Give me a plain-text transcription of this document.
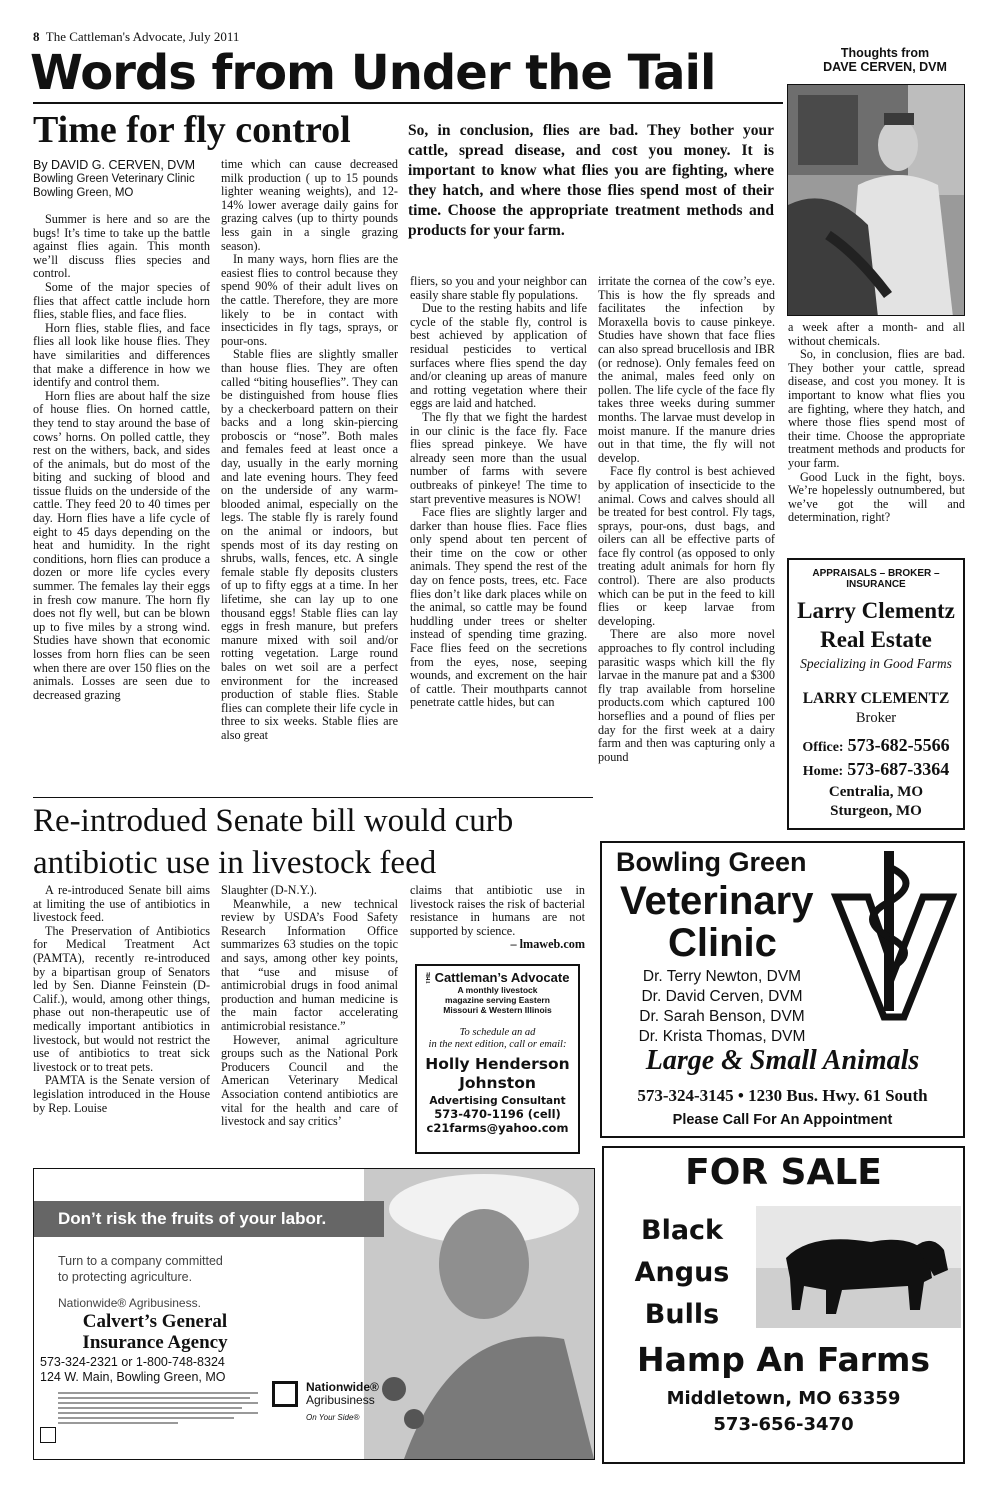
8 The Cattleman's Advocate, July 2011
Words from Under the Tail	Thoughts from
DAVE CERVEN, DVM
Time for fly control
By DAVID G. CERVEN, DVM
Bowling Green Veterinary Clinic
Bowling Green, MO
So, in conclusion, flies are bad. They bother your cattle, spread disease, and cost you money. It is important to know what flies you are fighting, where they hatch, and where those flies spend most of their time. Choose the appropriate treatment methods and products for your farm.

Summer is here and so are the bugs! It’s time to take up the battle against flies again. This month we’ll discuss flies species and control.

Some of the major species of flies that affect cattle include horn flies, stable flies, and face flies.

Horn flies, stable flies, and face flies all look like house flies. They have similarities and differences that make a difference in how we identify and control them.

Horn flies are about half the size of house flies. On horned cattle, they tend to stay around the base of cows’ horns. On polled cattle, they rest on the withers, back, and sides of the animals, but do most of the biting and sucking of blood and tissue fluids on the underside of the cattle. They feed 20 to 40 times per day. Horn flies have a life cycle of eight to 45 days depending on the heat and humidity. In the right conditions, horn flies can produce a dozen or more life cycles every summer. The females lay their eggs in fresh cow manure. The horn fly does not fly well, but can be blown up to five miles by a strong wind. Studies have shown that economic losses from horn flies can be seen when there are over 150 flies on the animals. Losses are seen due to decreased grazing

time which can cause decreased milk production ( up to 15 pounds lighter weaning weights), and 12-14% lower average daily gains for grazing calves (up to thirty pounds less gain in a single grazing season).

In many ways, horn flies are the easiest flies to control because they spend 90% of their adult lives on the cattle. Therefore, they are more likely to be in contact with insecticides in fly tags, sprays, or pour-ons.

Stable flies are slightly smaller than house flies. They are often called “biting houseflies”. They can be distinguished from house flies by a checkerboard pattern on their backs and a long skin-piercing proboscis or “nose”. Both males and females feed at least once a day, usually in the early morning and late evening hours. They feed on the underside of any warm-blooded animal, especially on the legs. The stable fly is rarely found on the animal or indoors, but spends most of its day resting on shrubs, walls, fences, etc. A single female stable fly deposits clusters of up to fifty eggs at a time. In her lifetime, she can lay up to one thousand eggs! Stable flies can lay eggs in fresh manure, but prefers manure mixed with soil and/or rotting vegetation. Large round bales on wet soil are a perfect environment for the increased production of stable flies. Stable flies can complete their life cycle in three to six weeks. Stable flies are also great

fliers, so you and your neighbor can easily share stable fly populations.

Due to the resting habits and life cycle of the stable fly, control is best achieved by application of residual pesticides to vertical surfaces where flies spend the day and/or cleaning up areas of manure and rotting vegetation where their eggs are laid and hatched.

The fly that we fight the hardest in our clinic is the face fly. Face flies spread pinkeye. We have already seen more than the usual number of farms with severe outbreaks of pinkeye! The time to start preventive measures is NOW!

Face flies are slightly larger and darker than house flies. Face flies only spend about ten percent of their time on the cow or other animals. They spend the rest of the day on fence posts, trees, etc. Face flies don’t like dark places while on the animal, so cattle may be found huddling under trees or shelter instead of spending time grazing. Face flies feed on the secretions from the eyes, nose, seeping wounds, and excrement on the hair of cattle. Their mouthparts cannot penetrate cattle hides, but can

irritate the cornea of the cow’s eye. This is how the fly spreads and facilitates the infection by Moraxella bovis to cause pinkeye. Studies have shown that face flies can also spread brucellosis and IBR (or rednose). Only females feed on the animal, males feed only on pollen. The life cycle of the face fly takes three weeks during summer months. The larvae must develop in moist manure. If the manure dries out in that time, the fly will not develop.

Face fly control is best achieved by application of insecticide to the animal. Cows and calves should all be treated for best control. Fly tags, sprays, pour-ons, dust bags, and oilers can all be effective parts of face fly control (as opposed to only treating adult animals for horn fly control). There are also products which can be put in the feed to kill flies or keep larvae from developing.

There are also more novel approaches to fly control including parasitic wasps which kill the fly larvae in the manure pat and a $300 fly trap available from horseline products.com which captured 100 horseflies and a pound of flies per day for the first week at a dairy farm and then was capturing only a pound

a week after a month- and all without chemicals.

So, in conclusion, flies are bad. They bother your cattle, spread disease, and cost you money. It is important to know what flies you are fighting, where they hatch, and where those flies spend most of their time. Choose the appropriate treatment methods and products for your farm.

Good Luck in the fight, boys. We’re hopelessly outnumbered, but we’ve got the will and determination, right?

APPRAISALS – BROKER – INSURANCE
Larry Clementz
Real Estate
Specializing in Good Farms
LARRY CLEMENTZ
Broker
Office: 573-682-5566
Home: 573-687-3364
Centralia, MO
Sturgeon, MO
Re-introdued Senate bill would curb
antibiotic use in livestock feed

A re-introduced Senate bill aims at limiting the use of antibiotics in livestock feed.

The Preservation of Antibiotics for Medical Treatment Act (PAMTA), recently re-introduced by a bipartisan group of Senators led by Sen. Dianne Feinstein (D-Calif.), would, among other things, phase out non-therapeutic use of medically important antibiotics in livestock, but would not restrict the use of antibiotics to treat sick livestock or to treat pets.

PAMTA is the Senate version of legislation introduced in the House by Rep. Louise

Slaughter (D-N.Y.).

Meanwhile, a new technical review by USDA’s Food Safety Research Information Office summarizes 63 studies on the topic and says, among other key points, that “use and misuse of antimicrobial drugs in food animal production and human medicine is the main factor accelerating antimicrobial resistance.”

However, animal agriculture groups such as the National Pork Producers Council and the American Veterinary Medical Association contend antibiotics are vital for the health and care of livestock and say critics’

claims that antibiotic use in livestock raises the risk of bacterial resistance in humans are not supported by science.

– lmaweb.com
THE Cattleman’s Advocate
A monthly livestock
magazine serving Eastern
Missouri & Western Illinois
To schedule an ad
in the next edition, call or email:
Holly Henderson
Johnston
Advertising Consultant
573-470-1196 (cell)
c21farms@yahoo.com
Bowling Green
Veterinary
Clinic
Dr. Terry Newton, DVM
Dr. David Cerven, DVM
Dr. Sarah Benson, DVM
Dr. Krista Thomas, DVM
Large & Small Animals
573-324-3145 • 1230 Bus. Hwy. 61 South
Please Call For An Appointment
Don’t risk the fruits of your labor.
Turn to a company committed
to protecting agriculture.
Nationwide® Agribusiness.
Calvert’s General
Insurance Agency
573-324-2321 or 1-800-748-8324
124 W. Main, Bowling Green, MO
Nationwide®
Agribusiness
On Your Side®
FOR SALE
Black
Angus
Bulls
Hamp An Farms
Middletown, MO 63359
573-656-3470
